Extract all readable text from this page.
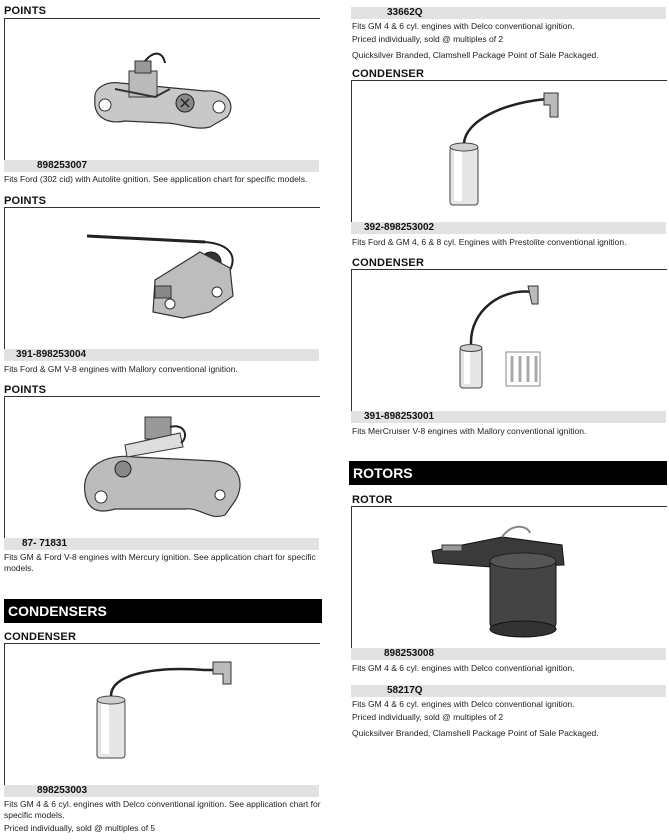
POINTS
898253007
Fits Ford (302 cid) with Autolite gnition. See application chart for specific models.
POINTS
391-898253004
Fits Ford & GM V-8 engines with Mallory conventional ignition.
POINTS
87- 71831
Fits GM & Ford V-8 engines with Mercury ignition. See application chart for specific
models.
CONDENSERS
CONDENSER
898253003
Fits GM 4 & 6 cyl. engines with Delco conventional ignition. See application chart for
specific models.
Priced individually, sold @ multiples of 5
33662Q
Fits GM 4 & 6 cyl. engines with Delco conventional ignition.
Priced individually, sold @ multiples of 2
Quicksilver Branded, Clamshell Package Point of Sale Packaged.
CONDENSER
392-898253002
Fits Ford & GM 4, 6 & 8 cyl. Engines with Prestolite conventional ignition.
CONDENSER
391-898253001
Fits MerCruiser V-8 engines with Mallory conventional ignition.
ROTORS
ROTOR
898253008
Fits GM 4 & 6 cyl. engines with Delco conventional ignition.
58217Q
Fits GM 4 & 6 cyl. engines with Delco conventional ignition.
Priced individually, sold @ multiples of 2
Quicksilver Branded, Clamshell Package Point of Sale Packaged.
